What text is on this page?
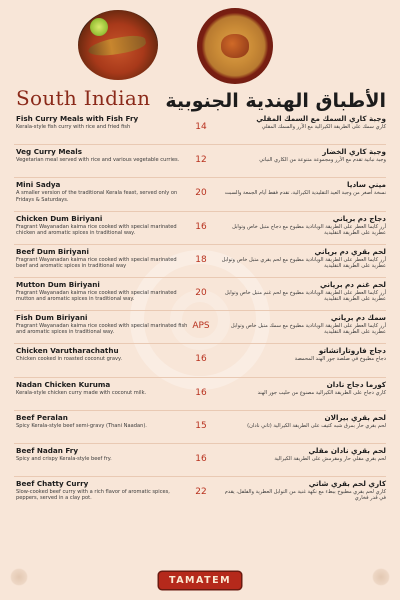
South Indian الأطباق الهندية الجنوبية
Fish Curry Meals with Fish Fry
Kerala-style fish curry with rice and fried fish	14
وجبة كاري السمك مع السمك المقلي
كاري سمك على الطريقة الكيرالية مع الأرز والسمك المقلي
Veg Curry Meals
Vegetarian meal served with rice and various vegetable curries.	12
وجبة كاري الخضار
وجبة نباتية تقدم مع الأرز ومجموعة متنوعة من الكاري النباتي
Mini Sadya
A smaller version of the traditional Kerala feast, served only on Fridays & Saturdays.
20
ميني ساديا
نسخة أصغر من وجبة العيد التقليدية الكيرالية، تقدم فقط أيام الجمعة والسبت
Chicken Dum Biriyani
Fragrant Wayanadan kaima rice cooked with special marinated chicken and aromatic spices in traditional way.
16
دجاج دم برياني
أرز كايما العطر على الطريقة الويانادية مطبوخ مع دجاج متبل خاص وتوابل عطرية على الطريقة التقليدية
Beef Dum Biriyani
Fragrant Wayanadan kaima rice cooked with special marinated beef and aromatic spices in traditional way
18
لحم بقري دم برياني
أرز كايما العطر على الطريقة الويانادية مطبوخ مع لحم بقري متبل خاص وتوابل عطرية على الطريقة التقليدية
Mutton Dum Biriyani
Fragrant Wayanadan kaima rice cooked with special marinated mutton and aromatic spices in traditional way.
20
لحم غنم دم برياني
أرز كايما العطر على الطريقة الويانادية مطبوخ مع لحم غنم متبل خاص وتوابل عطرية على الطريقة التقليدية
Fish Dum Biriyani
Fragrant Wayanadan kaima rice cooked with special marinated fish and aromatic spices in traditional way.
APS
سمك دم برياني
أرز كايما العطر على الطريقة الويانادية مطبوخ مع سمك متبل خاص وتوابل عطرية على الطريقة التقليدية
Chicken Varutharachathu
Chicken cooked in roasted coconut gravy.	16
دجاج فاروتاراتشاتو
دجاج مطبوخ في صلصة جوز الهند المحمصة
Nadan Chicken Kuruma
Kerala-style chicken curry made with coconut milk.	16
كورما دجاج نادان
كاري دجاج على الطريقة الكيرالية مصنوع من حليب جوز الهند
Beef Peralan
Spicy Kerala-style beef semi-gravy (Thani Naadan).	15
لحم بقري بيرالان
لحم بقري حار بمرق شبه كثيف على الطريقة الكيرالية (ثاني نادان)
Beef Nadan Fry
Spicy and crispy Kerala-style beef fry.	16
لحم بقري نادان مقلي
لحم بقري مقلي حار ومقرمش على الطريقة الكيرالية
Beef Chatty Curry
Slow-cooked beef curry with a rich flavor of aromatic spices, peppers, served in a clay pot.
22
كاري لحم بقري شاتي
كاري لحم بقري مطبوخ ببطء مع نكهة غنية من التوابل العطرية والفلفل، يقدم في قدر فخاري
TAMATEM
